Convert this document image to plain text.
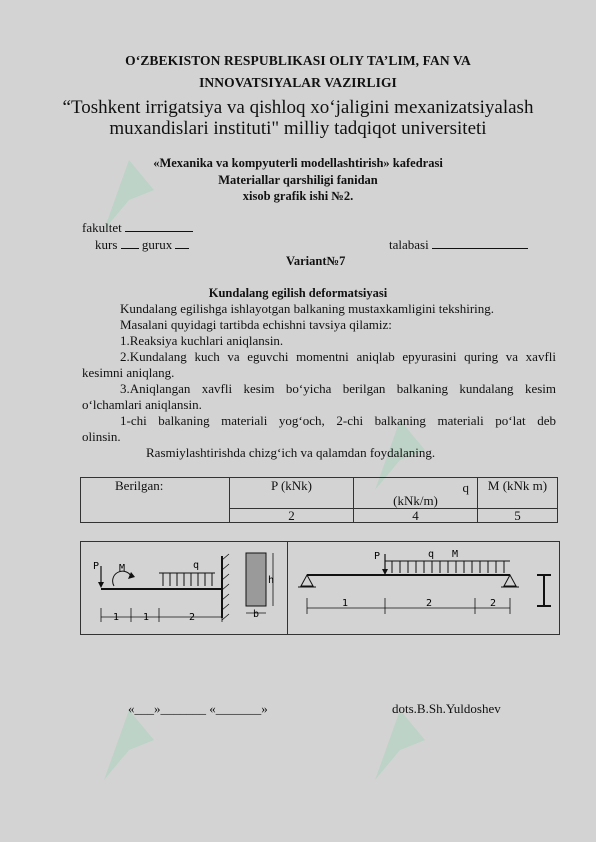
O‘ZBEKISTON RESPUBLIKASI OLIY TA’LIM, FAN VA
INNOVATSIYALAR VAZIRLIGI
“Toshkent irrigatsiya va qishloq xo‘jaligini mexanizatsiyalash
muxandislari instituti" milliy tadqiqot universiteti
«Mexanika va kompyuterli modellashtirish» kafedrasi
Materiallar qarshiligi fanidan
xisob grafik ishi №2.
fakultet
kurs gurux	talabasi
Variant№7
Kundalang egilish deformatsiyasi
Kundalang egilishga ishlayotgan balkaning mustaxkamligini tekshiring.
Masalani quyidagi tartibda echishni tavsiya qilamiz:
1.Reaksiya kuchlari aniqlansin.
2.Kundalang kuch va eguvchi momentni aniqlab epyurasini quring va xavfli
kesimni aniqlang.
3.Aniqlangan xavfli kesim bo‘yicha berilgan balkaning kundalang kesim
o‘lchamlari aniqlansin.
1-chi balkaning materiali yog‘och, 2-chi balkaning materiali po‘lat deb
olinsin.
Rasmiylashtirishda chizg‘ich va qalamdan foydalaning.
Berilgan:	P (kNk)	q
(kNk/m)	M (kNk m)
	2	4	5
P M	q
1 1	2
h
b
P	q M
1	2	2
«___»_______ «_______»	dots.B.Sh.Yuldoshev
